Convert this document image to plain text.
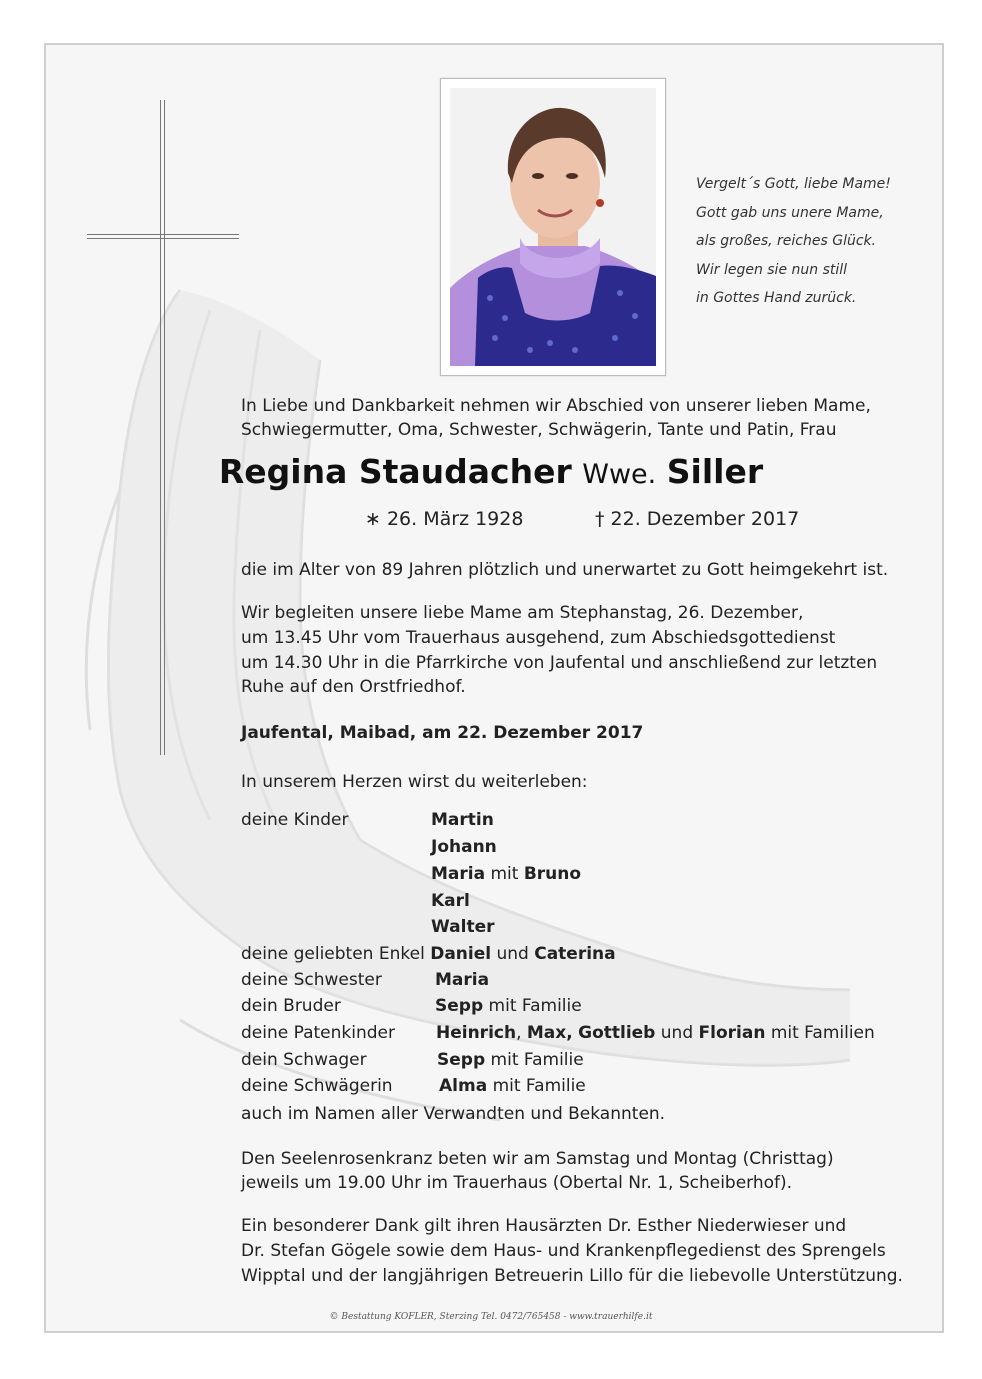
Vergelt´s Gott, liebe Mame!
Gott gab uns unere Mame,
als großes, reiches Glück.
Wir legen sie nun still
in Gottes Hand zurück.
In Liebe und Dankbarkeit nehmen wir Abschied von unserer lieben Mame,
Schwiegermutter, Oma, Schwester, Schwägerin, Tante und Patin, Frau
Regina Staudacher Wwe. Siller
∗ 26. März 1928	† 22. Dezember 2017
die im Alter von 89 Jahren plötzlich und unerwartet zu Gott heimgekehrt ist.
Wir begleiten unsere liebe Mame am Stephanstag, 26. Dezember,
um 13.45 Uhr vom Trauerhaus ausgehend, zum Abschiedsgottedienst
um 14.30 Uhr in die Pfarrkirche von Jaufental und anschließend zur letzten
Ruhe auf den Orstfriedhof.
Jaufental, Maibad, am 22. Dezember 2017
In unserem Herzen wirst du weiterleben:
deine Kinder	Martin
Johann
Maria mit Bruno
Karl
Walter
deine geliebten Enkel Daniel und Caterina
deine Schwester	Maria
dein Bruder	Sepp mit Familie
deine Patenkinder Heinrich, Max, Gottlieb und Florian mit Familien
dein Schwager	Sepp mit Familie
deine Schwägerin	Alma mit Familie
auch im Namen aller Verwandten und Bekannten.
Den Seelenrosenkranz beten wir am Samstag und Montag (Christtag)
jeweils um 19.00 Uhr im Trauerhaus (Obertal Nr. 1, Scheiberhof).
Ein besonderer Dank gilt ihren Hausärzten Dr. Esther Niederwieser und
Dr. Stefan Gögele sowie dem Haus- und Krankenpflegedienst des Sprengels
Wipptal und der langjährigen Betreuerin Lillo für die liebevolle Unterstützung.
© Bestattung KOFLER, Sterzing Tel. 0472/765458 - www.trauerhilfe.it
